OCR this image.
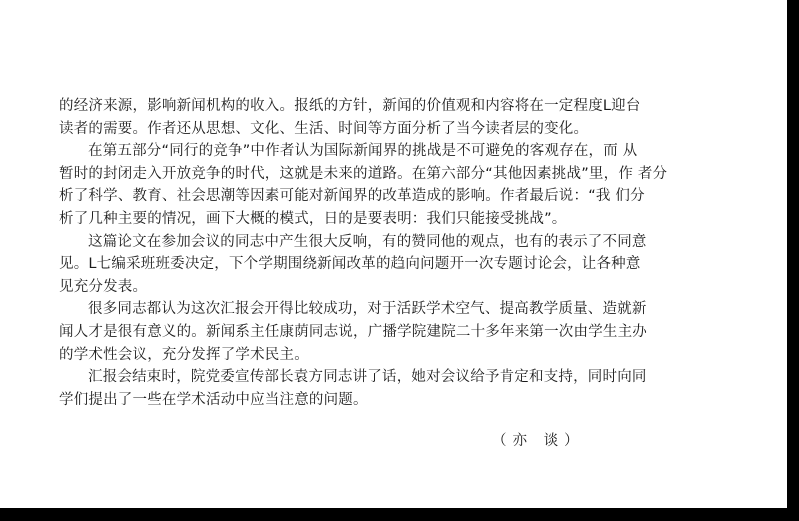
的经济来源，影响新闻机构的收入。报纸的方针，新闻的价值观和内容将在一定程度L迎台
读者的需要。作者还从思想、文化、生活、时间等方面分析了当今读者层的变化。
在第五部分“同行的竞争”中作者认为国际新闻界的挑战是不可避免的客观存在，而 从
暂时的封闭走入开放竞争的时代，这就是未来的道路。在第六部分“其他因素挑战”里，作 者分
析了科学、教育、社会思潮等因素可能对新闻界的改革造成的影响。作者最后说：“我 们分
析了几种主要的情况，画下大概的模式，日的是要表明：我们只能接受挑战”。
这篇论文在参加会议的同志中产生很大反响，有的赞同他的观点，也有的表示了不同意
见。L七编采班班委决定，下个学期围绕新闻改革的趋向问题开一次专题讨论会，让各种意
见充分发表。
很多同志都认为这次汇报会开得比较成功，对于活跃学术空气、提高教学质量、造就新
闻人才是很有意义的。新闻系主任康荫同志说，广播学院建院二十多年来第一次由学生主办
的学术性会议，充分发挥了学术民主。
汇报会结束时，院党委宣传部长袁方同志讲了话，她对会议给予肯定和支持，同时向同
学们提出了一些在学术活动中应当注意的问题。
（亦 谈）
